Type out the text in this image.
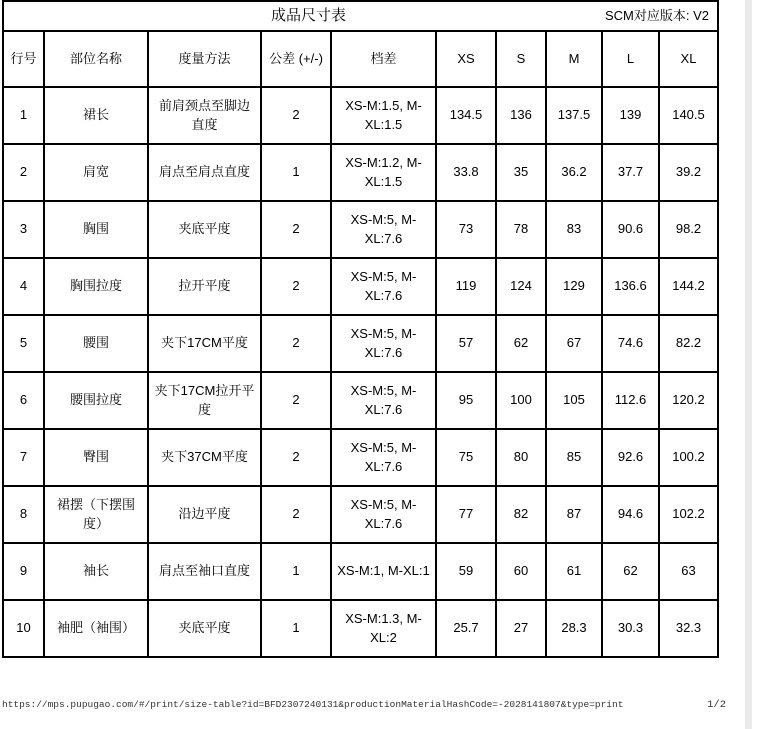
成品尺寸表 SCM对应版本: V2									

行号	部位名称	度量方法	公差 (+/-)	档差	XS	S	M	L	XL
1	裙长	前肩颈点至脚边直度	2	XS-M:1.5, M-XL:1.5	134.5	136	137.5	139	140.5
2	肩宽	肩点至肩点直度	1	XS-M:1.2, M-XL:1.5	33.8	35	36.2	37.7	39.2
3	胸围	夹底平度	2	XS-M:5, M-XL:7.6	73	78	83	90.6	98.2
4	胸围拉度	拉开平度	2	XS-M:5, M-XL:7.6	119	124	129	136.6	144.2
5	腰围	夹下17CM平度	2	XS-M:5, M-XL:7.6	57	62	67	74.6	82.2
6	腰围拉度	夹下17CM拉开平度	2	XS-M:5, M-XL:7.6	95	100	105	112.6	120.2
7	臀围	夹下37CM平度	2	XS-M:5, M-XL:7.6	75	80	85	92.6	100.2
8	裙摆（下摆围度）	沿边平度	2	XS-M:5, M-XL:7.6	77	82	87	94.6	102.2
9	袖长	肩点至袖口直度	1	XS-M:1, M-XL:1	59	60	61	62	63
10	袖肥（袖围）	夹底平度	1	XS-M:1.3, M-XL:2	25.7	27	28.3	30.3	32.3
https://mps.pupugao.com/#/print/size-table?id=BFD2307240131&productionMaterialHashCode=-2028141807&type=print	1/2
